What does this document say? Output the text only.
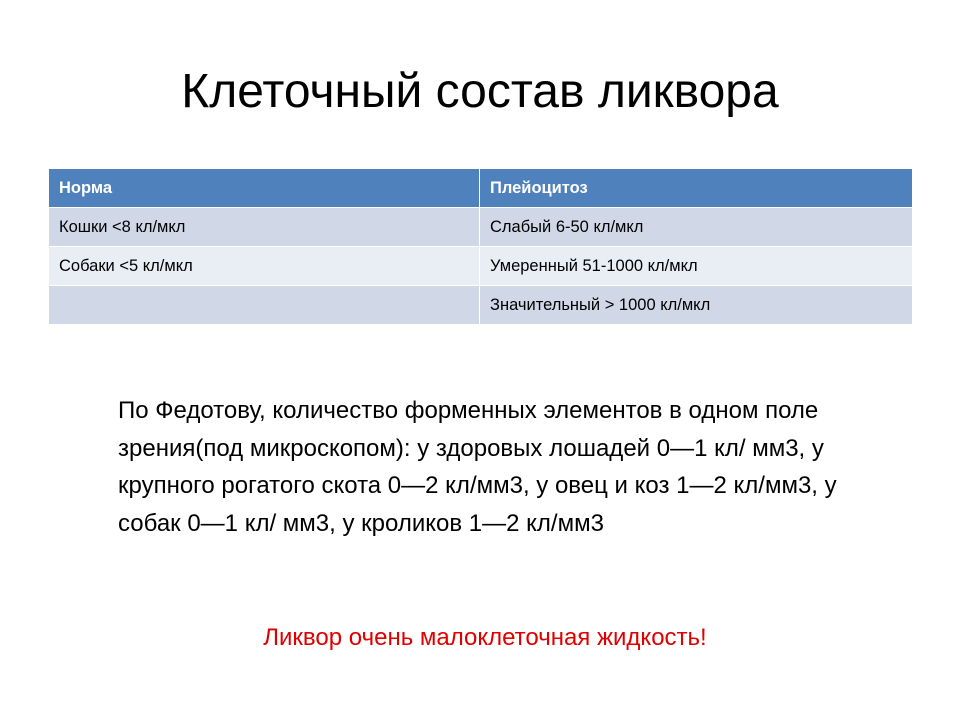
Клеточный состав ликвора
Норма	Плейоцитоз
Кошки <8 кл/мкл	Слабый 6-50 кл/мкл
Собаки <5 кл/мкл	Умеренный 51-1000 кл/мкл
	Значительный > 1000 кл/мкл

По Федотову, количество форменных элементов в одном поле зрения(под микроскопом): у здоровых лошадей 0—1 кл/ мм3, у крупного рогатого скота 0—2 кл/мм3, у овец и коз 1—2 кл/мм3, у собак 0—1 кл/ мм3, у кроликов 1—2 кл/мм3

Ликвор очень малоклеточная жидкость!
